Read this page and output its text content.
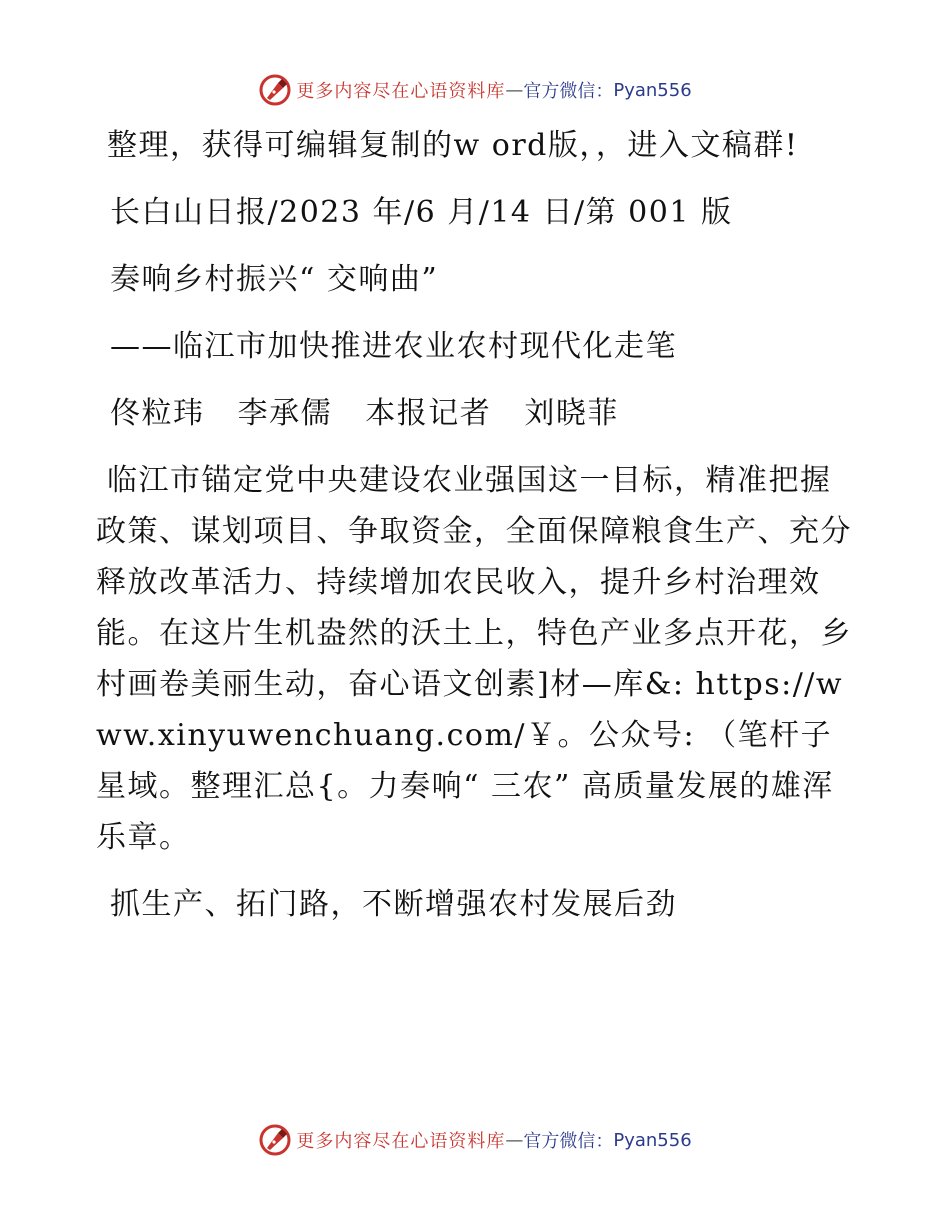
更多内容尽在心语资料库 — 官方微信： Pyan556

整理，获得可编辑复制的w ord版，，进入文稿群!

长白山日报/2023 年/6 月/14 日/第 001 版

奏响乡村振兴“ 交响曲”

——临江市加快推进农业农村现代化走笔

佟粒玮   李承儒   本报记者   刘晓菲

临江市锚定党中央建设农业强国这一目标，精准把握政策、谋划项目、争取资金，全面保障粮食生产、充分释放改革活力、持续增加农民收入，提升乡村治理效能。在这片生机盎然的沃土上，特色产业多点开花，乡村画卷美丽生动，奋心语文创素]材—库&: https://www.xinyuwenchuang.com/￥。公众号: （笔杆子星域。整理汇总{。力奏响“ 三农” 高质量发展的雄浑乐章。

抓生产、拓门路，不断增强农村发展后劲

更多内容尽在心语资料库 — 官方微信： Pyan556
